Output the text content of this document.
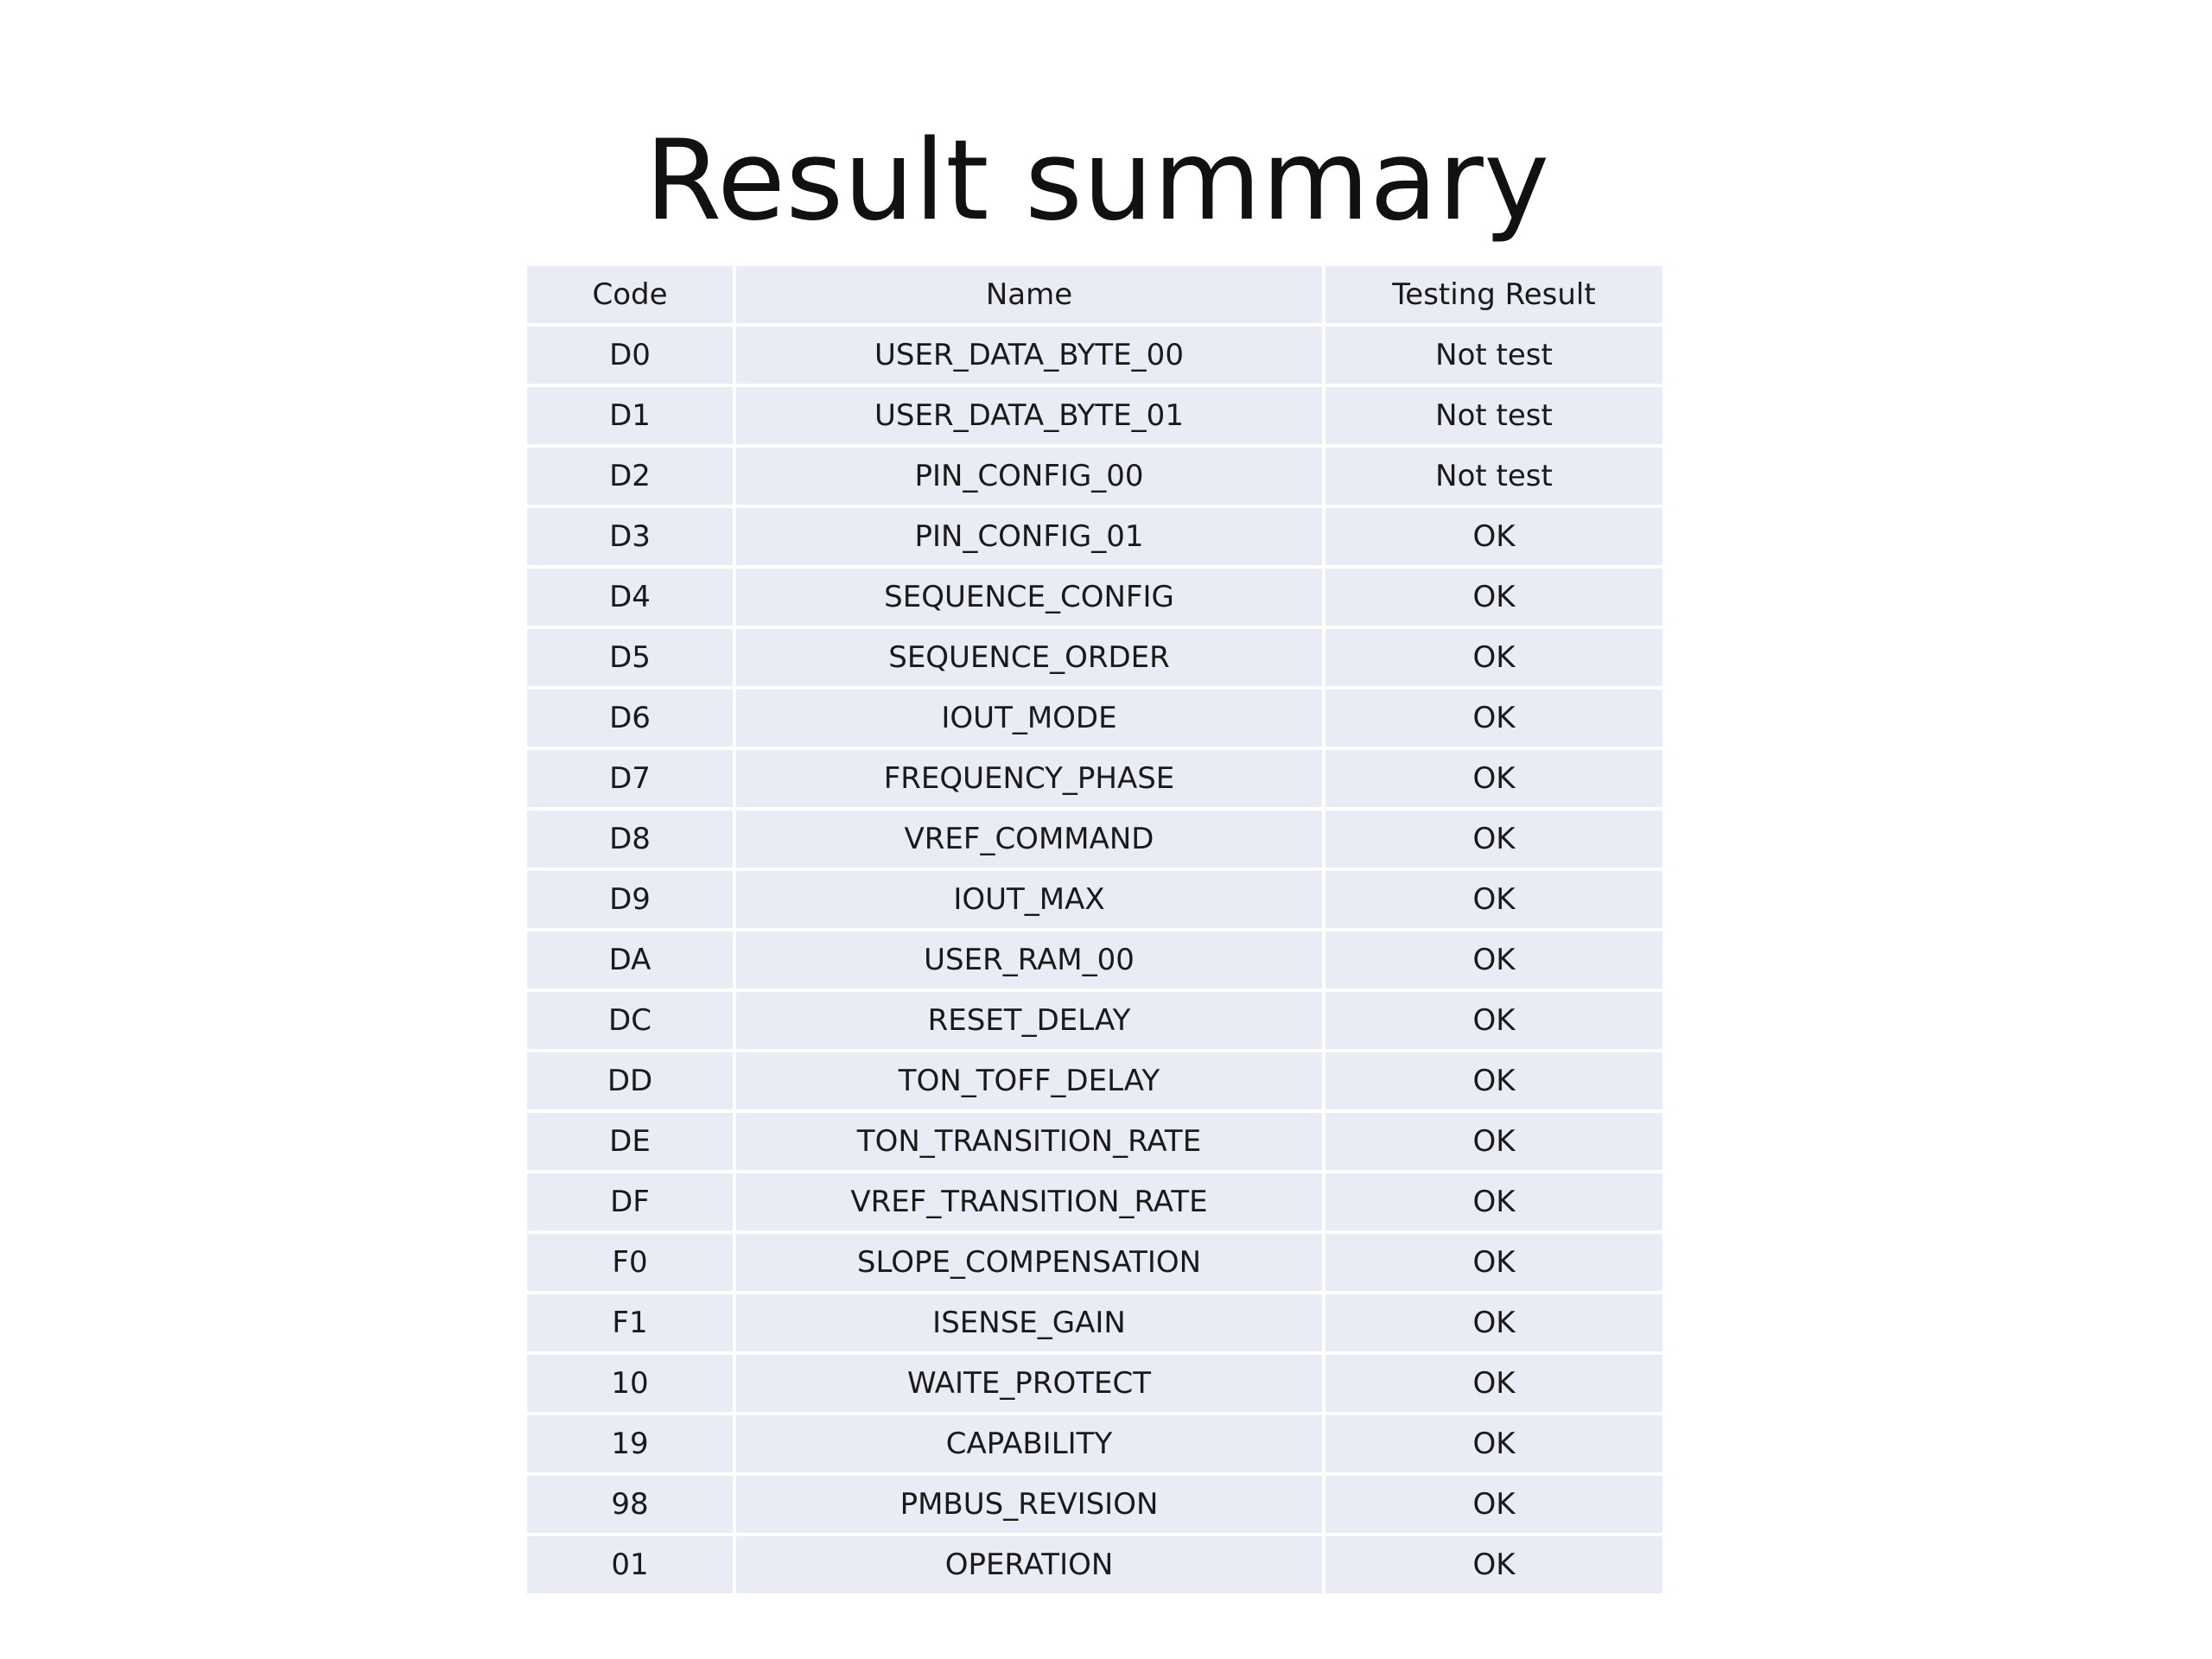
Result summary
Code	Name	Testing Result
D0	USER_DATA_BYTE_00	Not test
D1	USER_DATA_BYTE_01	Not test
D2	PIN_CONFIG_00	Not test
D3	PIN_CONFIG_01	OK
D4	SEQUENCE_CONFIG	OK
D5	SEQUENCE_ORDER	OK
D6	IOUT_MODE	OK
D7	FREQUENCY_PHASE	OK
D8	VREF_COMMAND	OK
D9	IOUT_MAX	OK
DA	USER_RAM_00	OK
DC	RESET_DELAY	OK
DD	TON_TOFF_DELAY	OK
DE	TON_TRANSITION_RATE	OK
DF	VREF_TRANSITION_RATE	OK
F0	SLOPE_COMPENSATION	OK
F1	ISENSE_GAIN	OK
10	WAITE_PROTECT	OK
19	CAPABILITY	OK
98	PMBUS_REVISION	OK
01	OPERATION	OK
